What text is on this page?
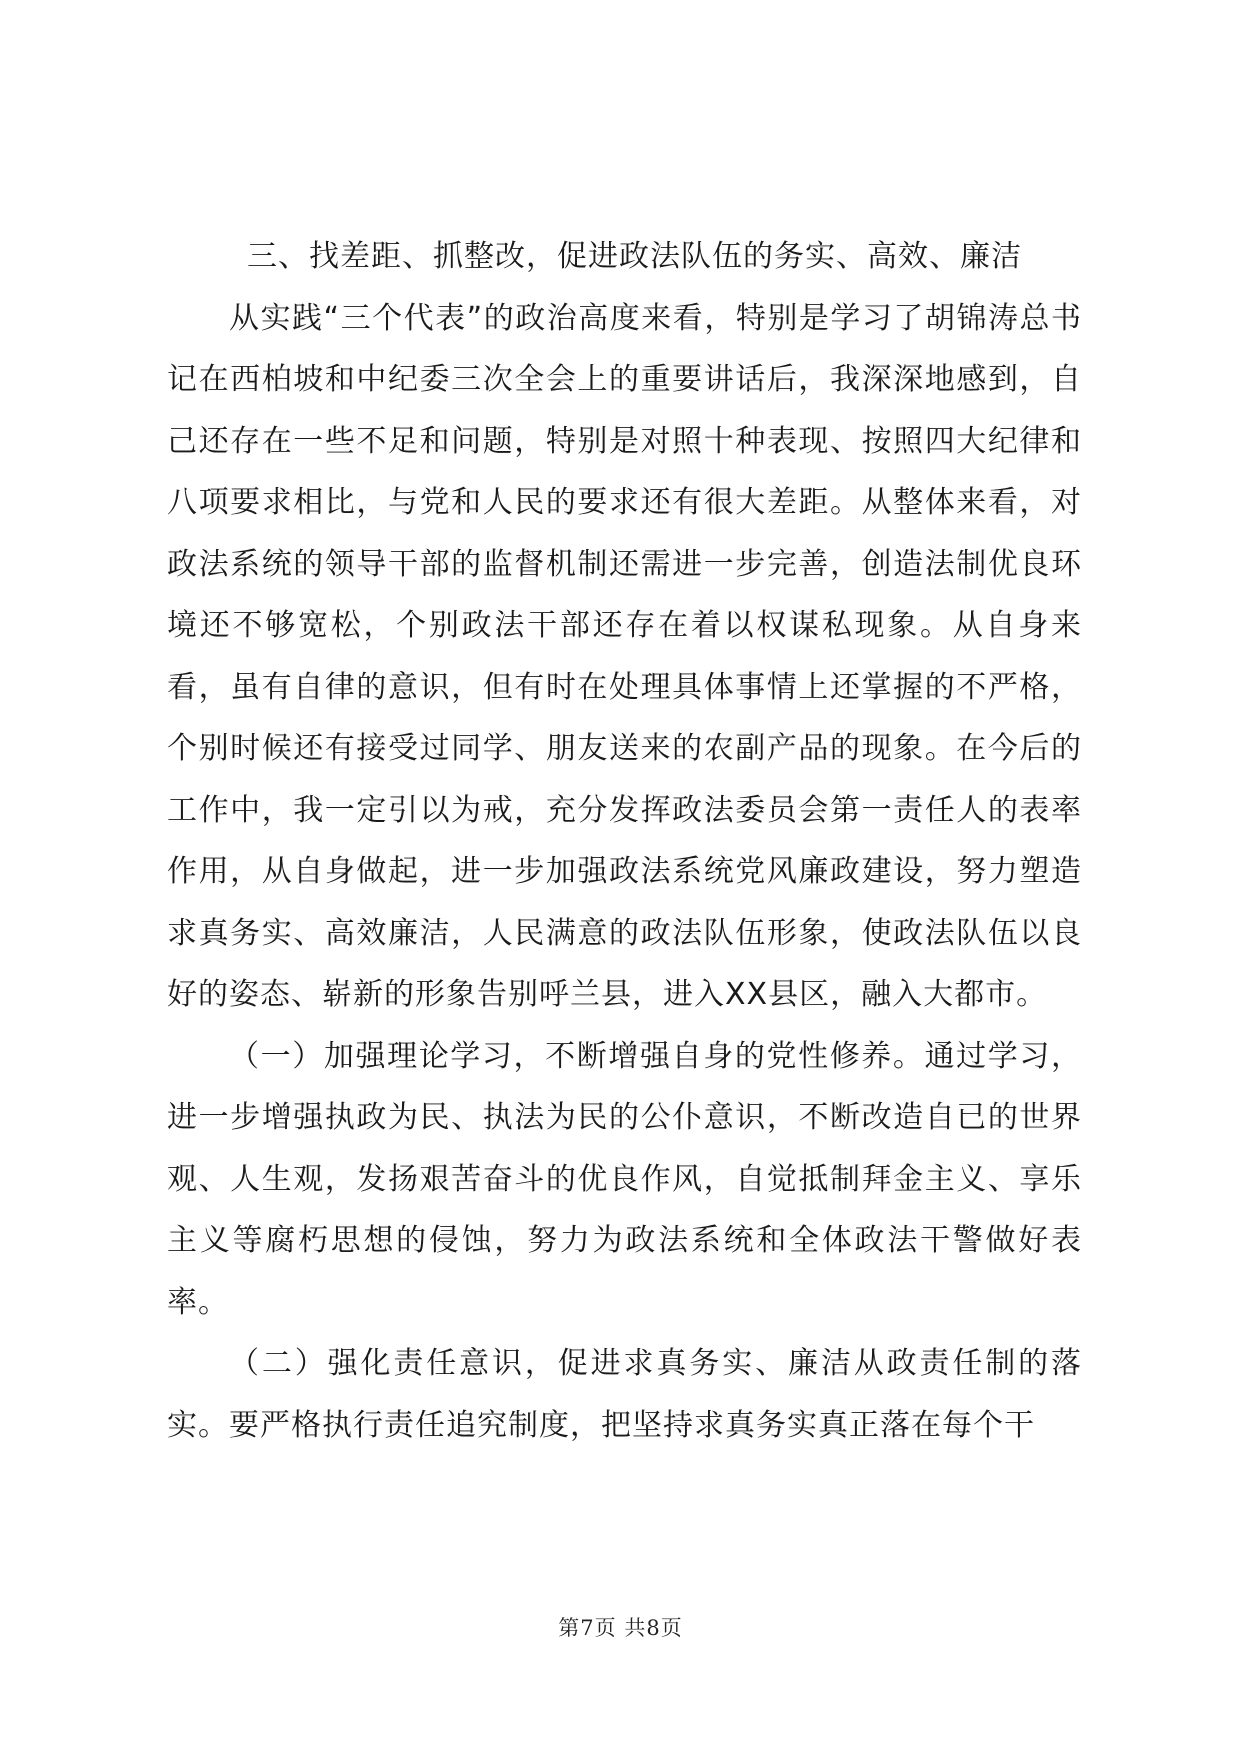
三、找差距、抓整改，促进政法队伍的务实、高效、廉洁

从实践“三个代表”的政治高度来看，特别是学习了胡锦涛总书记在西柏坡和中纪委三次全会上的重要讲话后，我深深地感到，自己还存在一些不足和问题，特别是对照十种表现、按照四大纪律和八项要求相比，与党和人民的要求还有很大差距。从整体来看，对政法系统的领导干部的监督机制还需进一步完善，创造法制优良环境还不够宽松，个别政法干部还存在着以权谋私现象。从自身来看，虽有自律的意识，但有时在处理具体事情上还掌握的不严格，个别时候还有接受过同学、朋友送来的农副产品的现象。在今后的工作中，我一定引以为戒，充分发挥政法委员会第一责任人的表率作用，从自身做起，进一步加强政法系统党风廉政建设，努力塑造求真务实、高效廉洁，人民满意的政法队伍形象，使政法队伍以良好的姿态、崭新的形象告别呼兰县，进入XX县区，融入大都市。

（一）加强理论学习，不断增强自身的党性修养。通过学习，进一步增强执政为民、执法为民的公仆意识，不断改造自已的世界观、人生观，发扬艰苦奋斗的优良作风，自觉抵制拜金主义、享乐主义等腐朽思想的侵蚀，努力为政法系统和全体政法干警做好表率。

（二）强化责任意识，促进求真务实、廉洁从政责任制的落实。要严格执行责任追究制度，把坚持求真务实真正落在每个干

第7页 共8页
